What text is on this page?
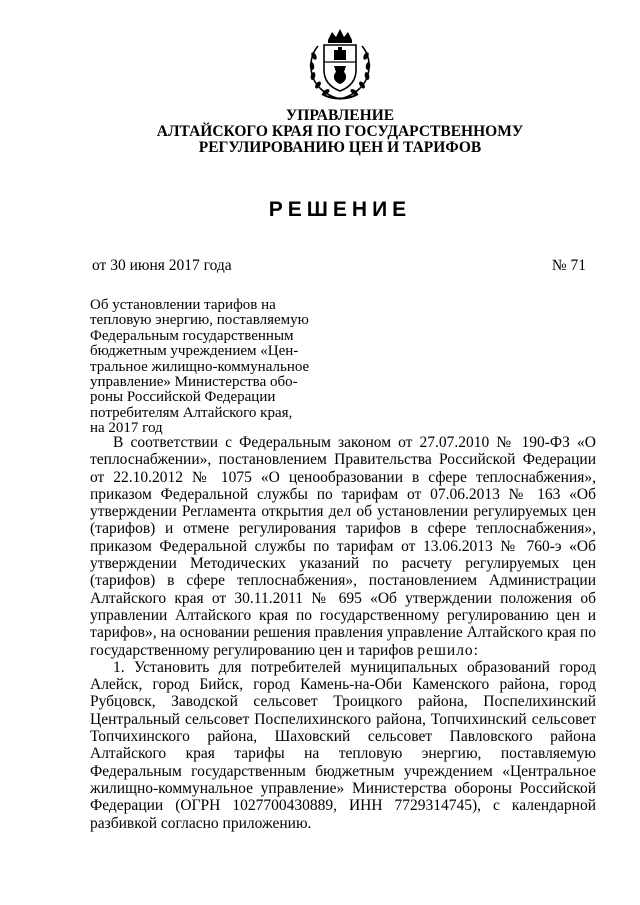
УПРАВЛЕНИЕ
АЛТАЙСКОГО КРАЯ ПО ГОСУДАРСТВЕННОМУ
РЕГУЛИРОВАНИЮ ЦЕН И ТАРИФОВ
РЕШЕНИЕ
от 30 июня 2017 года	№ 71
Об установлении тарифов на
тепловую энергию, поставляемую
Федеральным государственным
бюджетным учреждением «Цен-
тральное жилищно-коммунальное
управление» Министерства обо-
роны Российской Федерации
потребителям Алтайского края,
на 2017 год

В соответствии с Федеральным законом от 27.07.2010 № 190-ФЗ «О теплоснабжении», постановлением Правительства Российской Федерации от 22.10.2012 № 1075 «О ценообразовании в сфере теплоснабжения», приказом Федеральной службы по тарифам от 07.06.2013 № 163 «Об утверждении Регламента открытия дел об установлении регулируемых цен (тарифов) и отмене регулирования тарифов в сфере теплоснабжения», приказом Федеральной службы по тарифам от 13.06.2013 № 760-э «Об утверждении Методических указаний по расчету регулируемых цен (тарифов) в сфере теплоснабжения», постановлением Администрации Алтайского края от 30.11.2011 № 695 «Об утверждении положения об управлении Алтайского края по государственному регулированию цен и тарифов», на основании решения правления управление Алтайского края по государственному регулированию цен и тарифов решило:

1. Установить для потребителей муниципальных образований город Алейск, город Бийск, город Камень-на-Оби Каменского района, город Рубцовск, Заводской сельсовет Троицкого района, Поспелихинский Центральный сельсовет Поспелихинского района, Топчихинский сельсовет Топчихинского района, Шаховский сельсовет Павловского района Алтайского края тарифы на тепловую энергию, поставляемую Федеральным государственным бюджетным учреждением «Центральное жилищно-коммунальное управление» Министерства обороны Российской Федерации (ОГРН 1027700430889, ИНН 7729314745), с календарной разбивкой согласно приложению.
